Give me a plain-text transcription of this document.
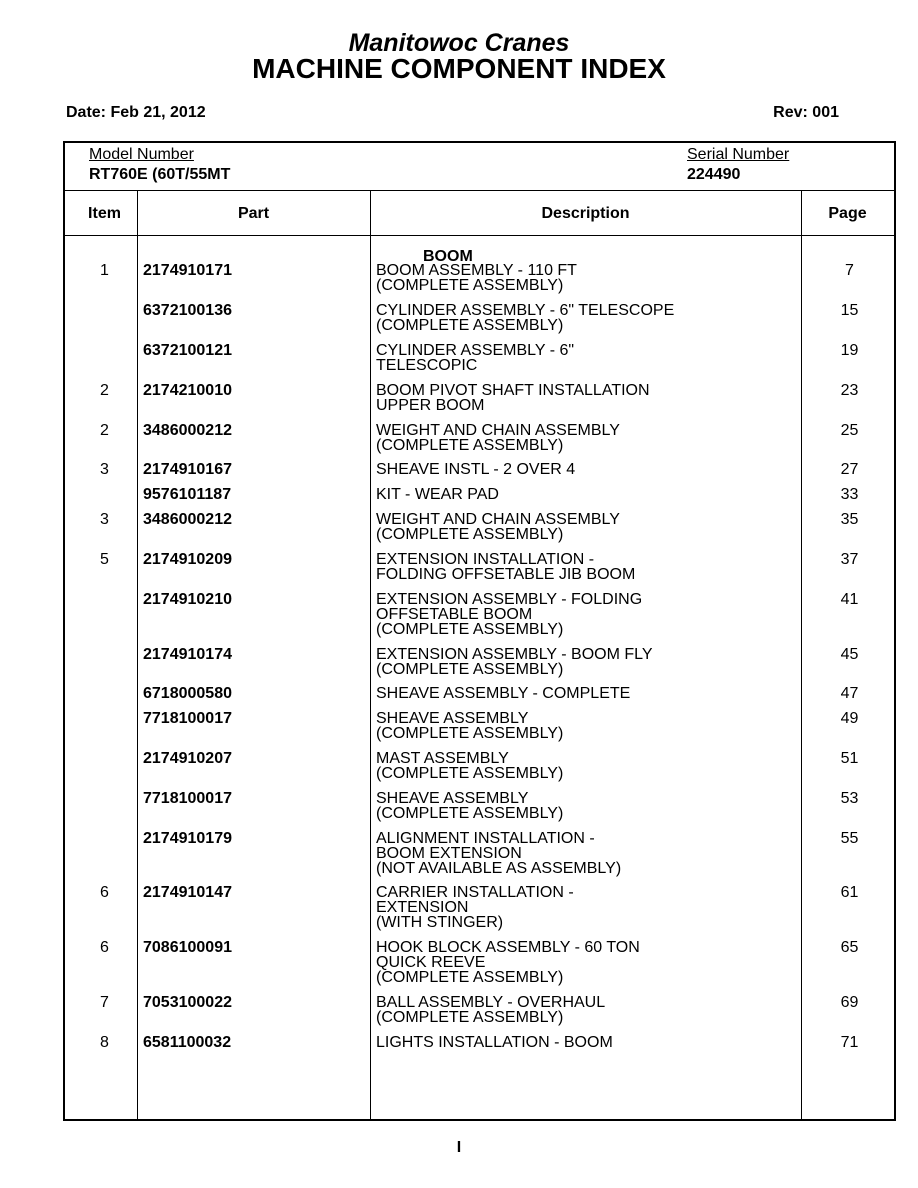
Manitowoc Cranes
MACHINE COMPONENT INDEX
Date: Feb 21, 2012	Rev: 001
Model Number
RT760E (60T/55MT
Serial Number
224490
Item	Part	Description	Page
BOOM
1	2174910171	BOOM ASSEMBLY - 110 FT
(COMPLETE ASSEMBLY)
7
6372100136	CYLINDER ASSEMBLY - 6" TELESCOPE
(COMPLETE ASSEMBLY)
15
6372100121	CYLINDER ASSEMBLY - 6"
TELESCOPIC
19
2	2174210010	BOOM PIVOT SHAFT INSTALLATION
UPPER BOOM
23
2	3486000212	WEIGHT AND CHAIN ASSEMBLY
(COMPLETE ASSEMBLY)
25
3	2174910167	SHEAVE INSTL - 2 OVER 4	27
9576101187	KIT - WEAR PAD	33
3	3486000212	WEIGHT AND CHAIN ASSEMBLY
(COMPLETE ASSEMBLY)
35
5	2174910209	EXTENSION INSTALLATION -
FOLDING OFFSETABLE JIB BOOM
37
2174910210	EXTENSION ASSEMBLY - FOLDING
OFFSETABLE BOOM
(COMPLETE ASSEMBLY)
41
2174910174	EXTENSION ASSEMBLY - BOOM FLY
(COMPLETE ASSEMBLY)
45
6718000580	SHEAVE ASSEMBLY - COMPLETE	47
7718100017	SHEAVE ASSEMBLY
(COMPLETE ASSEMBLY)
49
2174910207	MAST ASSEMBLY
(COMPLETE ASSEMBLY)
51
7718100017	SHEAVE ASSEMBLY
(COMPLETE ASSEMBLY)
53
2174910179	ALIGNMENT INSTALLATION -
BOOM EXTENSION
(NOT AVAILABLE AS ASSEMBLY)
55
6	2174910147	CARRIER INSTALLATION -
EXTENSION
(WITH STINGER)
61
6	7086100091	HOOK BLOCK ASSEMBLY - 60 TON
QUICK REEVE
(COMPLETE ASSEMBLY)
65
7	7053100022	BALL ASSEMBLY - OVERHAUL
(COMPLETE ASSEMBLY)
69
8	6581100032	LIGHTS INSTALLATION - BOOM	71
I
